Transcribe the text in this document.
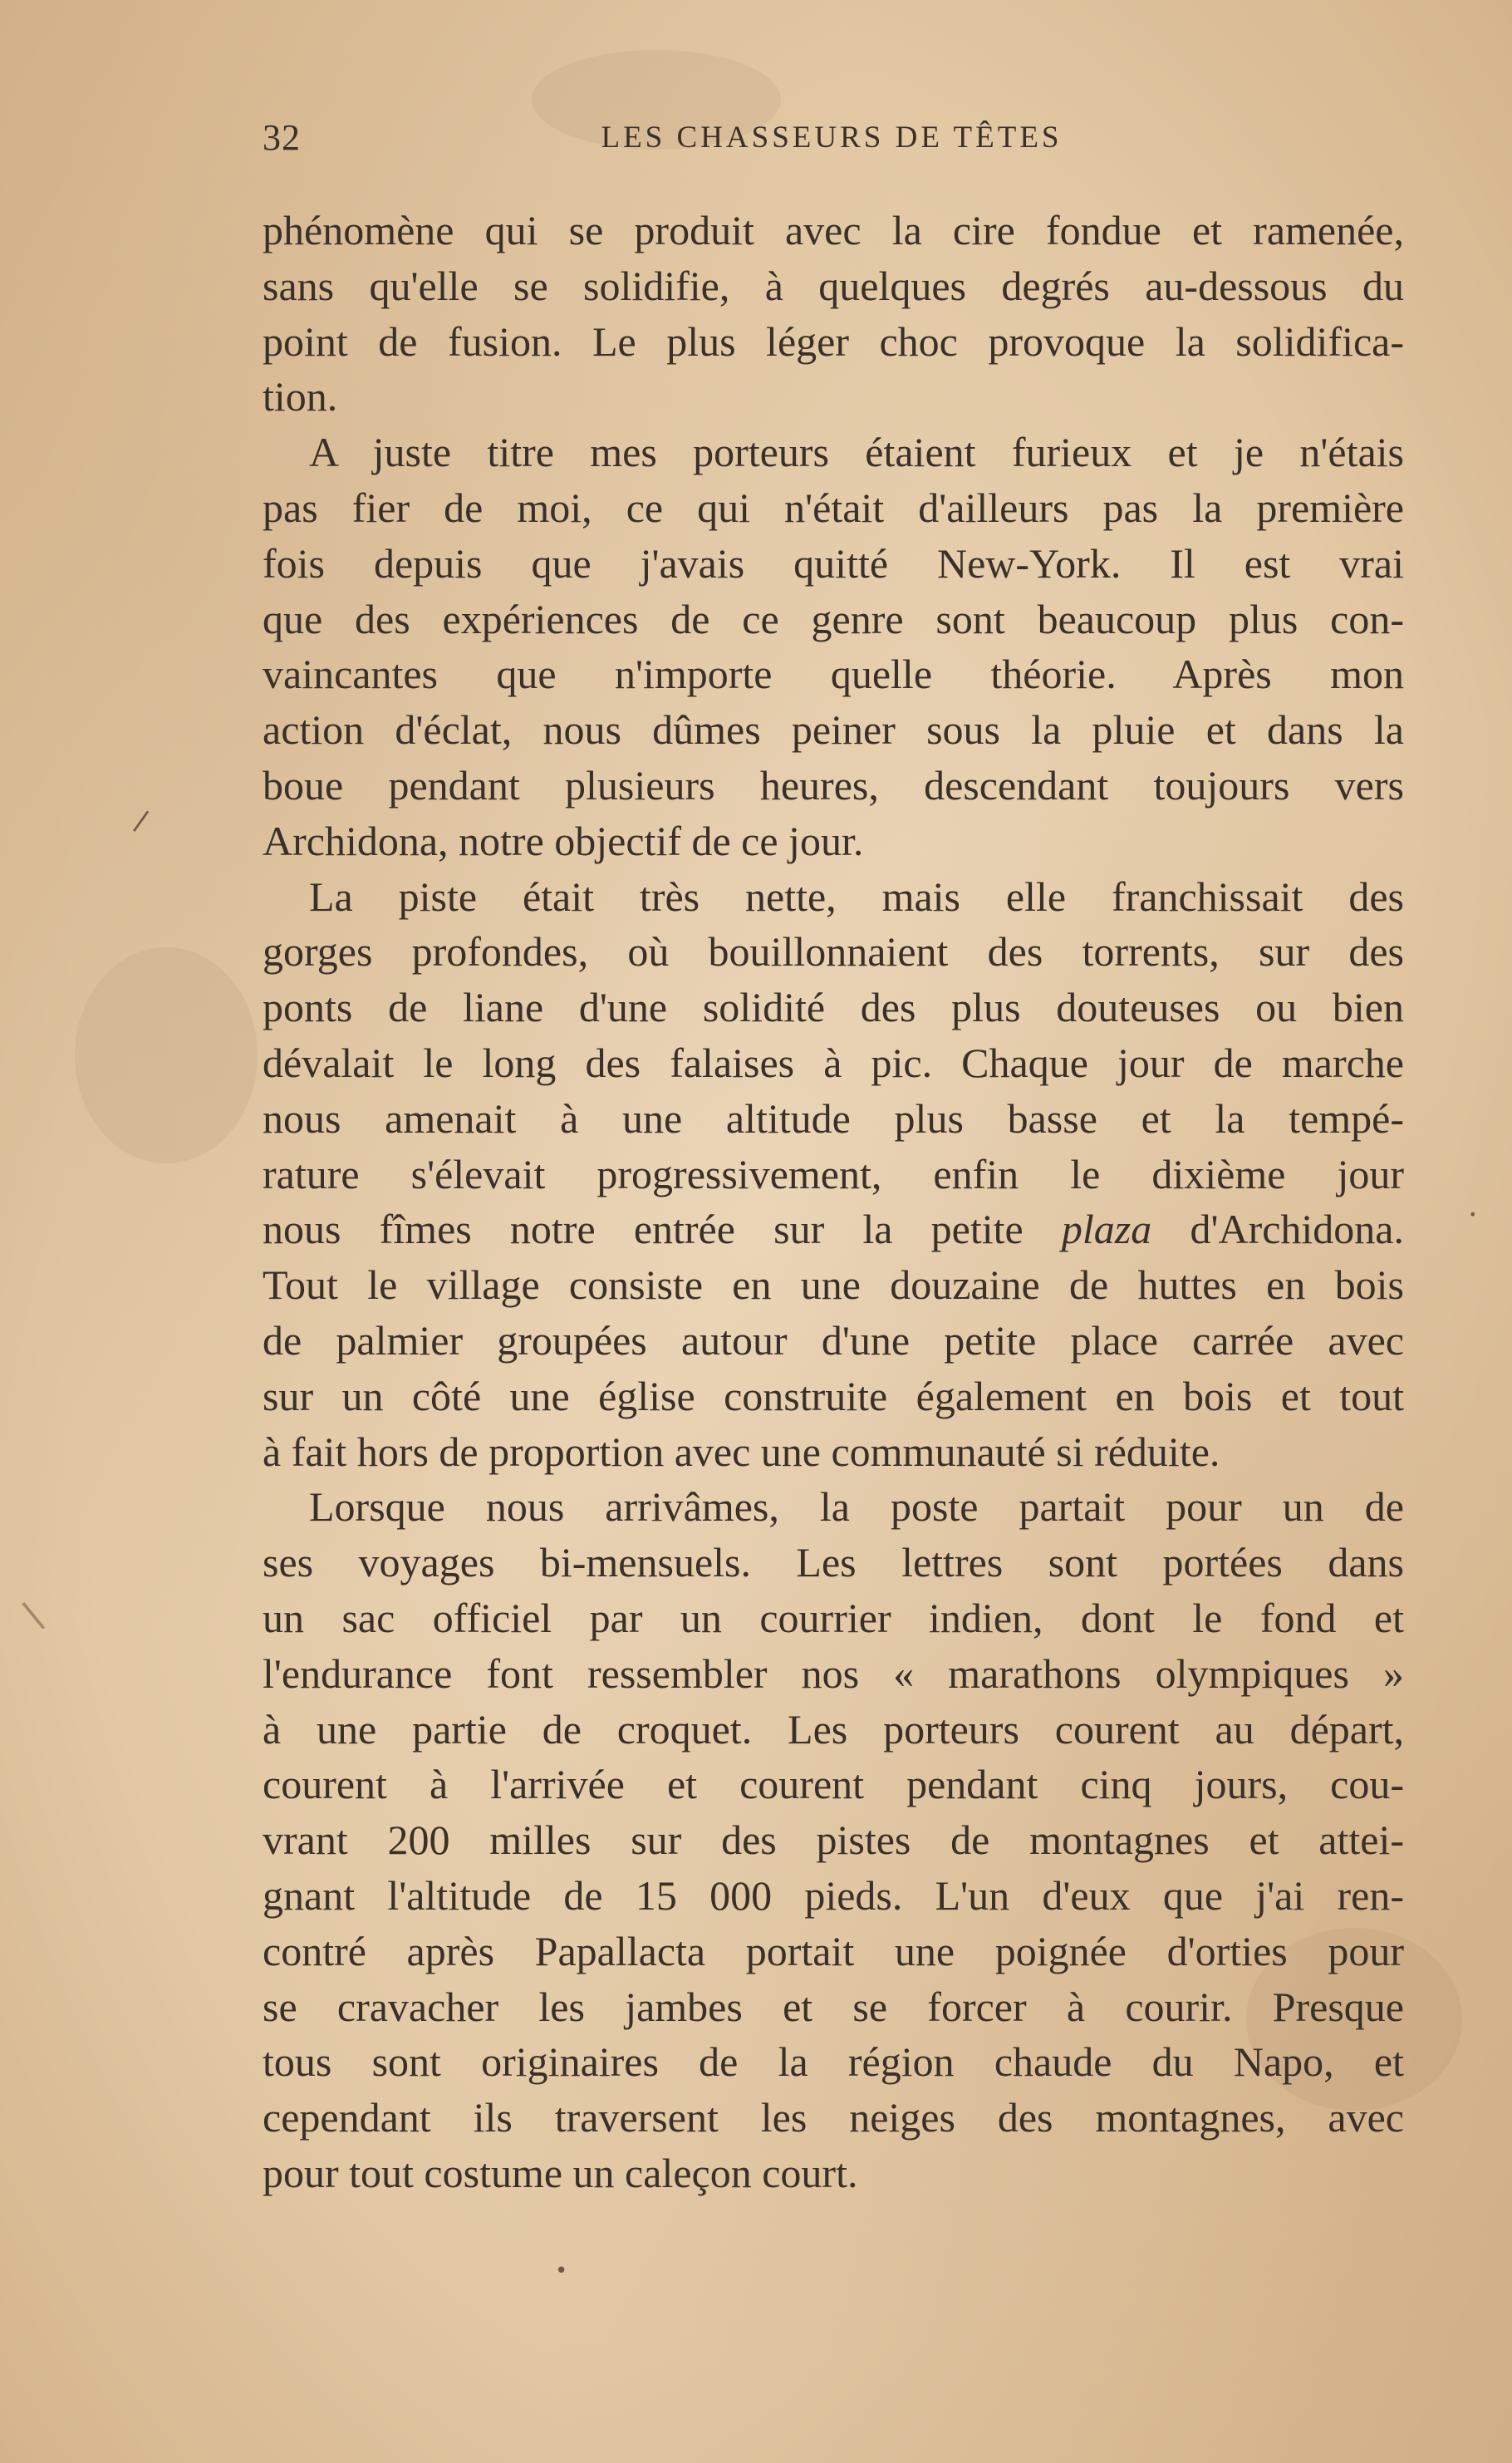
32	LES CHASSEURS DE TÊTES
phénomène qui se produit avec la cire fondue et ramenée,
sans qu'elle se solidifie, à quelques degrés au-dessous du
point de fusion. Le plus léger choc provoque la solidifica-
tion.
A juste titre mes porteurs étaient furieux et je n'étais
pas fier de moi, ce qui n'était d'ailleurs pas la première
fois depuis que j'avais quitté New-York. Il est vrai
que des expériences de ce genre sont beaucoup plus con-
vaincantes que n'importe quelle théorie. Après mon
action d'éclat, nous dûmes peiner sous la pluie et dans la
boue pendant plusieurs heures, descendant toujours vers
Archidona, notre objectif de ce jour.
La piste était très nette, mais elle franchissait des
gorges profondes, où bouillonnaient des torrents, sur des
ponts de liane d'une solidité des plus douteuses ou bien
dévalait le long des falaises à pic. Chaque jour de marche
nous amenait à une altitude plus basse et la tempé-
rature s'élevait progressivement, enfin le dixième jour
nous fîmes notre entrée sur la petite plaza d'Archidona.
Tout le village consiste en une douzaine de huttes en bois
de palmier groupées autour d'une petite place carrée avec
sur un côté une église construite également en bois et tout
à fait hors de proportion avec une communauté si réduite.
Lorsque nous arrivâmes, la poste partait pour un de
ses voyages bi-mensuels. Les lettres sont portées dans
un sac officiel par un courrier indien, dont le fond et
l'endurance font ressembler nos « marathons olympiques »
à une partie de croquet. Les porteurs courent au départ,
courent à l'arrivée et courent pendant cinq jours, cou-
vrant 200 milles sur des pistes de montagnes et attei-
gnant l'altitude de 15 000 pieds. L'un d'eux que j'ai ren-
contré après Papallacta portait une poignée d'orties pour
se cravacher les jambes et se forcer à courir. Presque
tous sont originaires de la région chaude du Napo, et
cependant ils traversent les neiges des montagnes, avec
pour tout costume un caleçon court.
/
\
•
•
